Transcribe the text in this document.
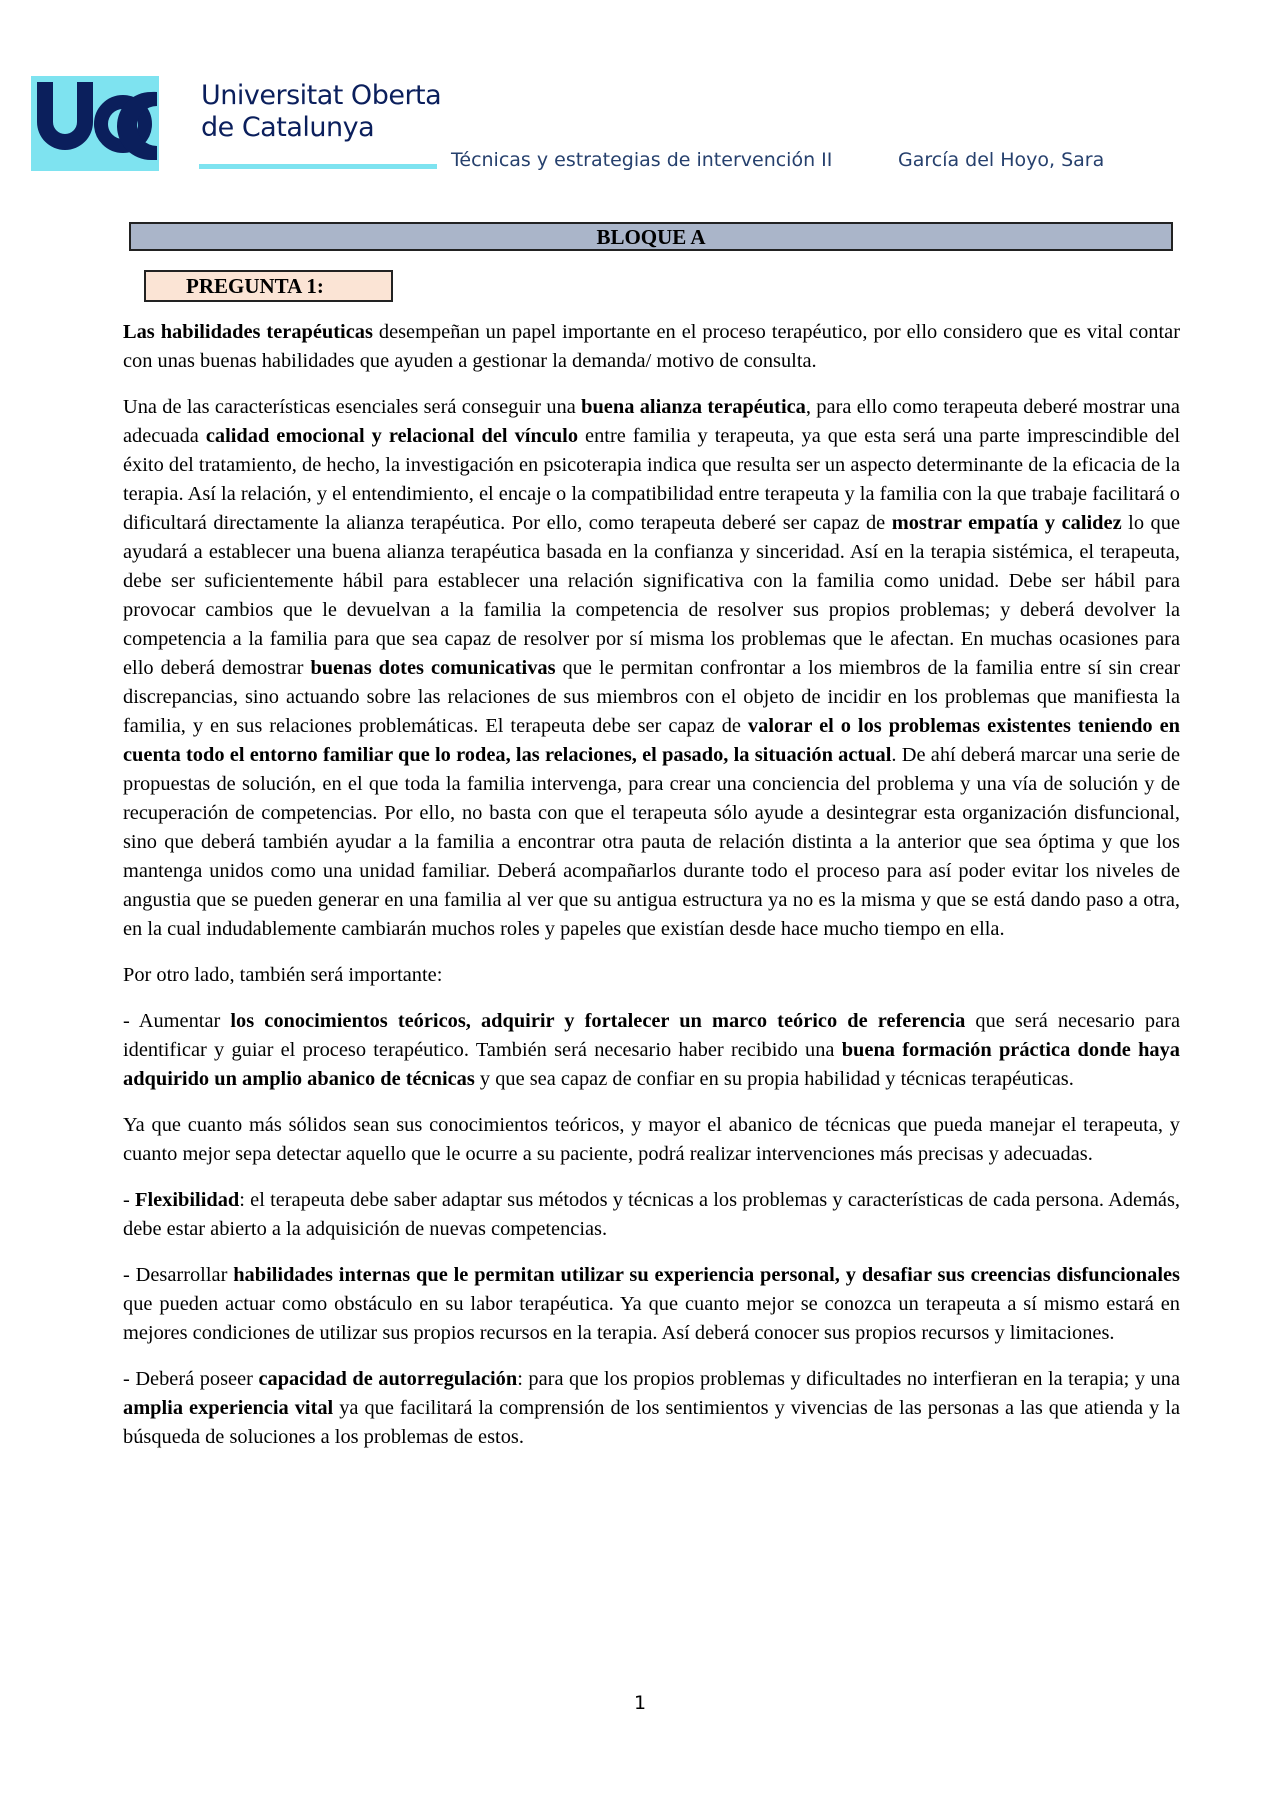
Universitat Oberta
de Catalunya
Técnicas y estrategias de intervención II	García del Hoyo, Sara
BLOQUE A
PREGUNTA 1:

Las habilidades terapéuticas desempeñan un papel importante en el proceso terapéutico, por ello considero que es vital contar con unas buenas habilidades que ayuden a gestionar la demanda/ motivo de consulta.

Una de las características esenciales será conseguir una buena alianza terapéutica, para ello como terapeuta deberé mostrar una adecuada calidad emocional y relacional del vínculo entre familia y terapeuta, ya que esta será una parte imprescindible del éxito del tratamiento, de hecho, la investigación en psicoterapia indica que resulta ser un aspecto determinante de la eficacia de la terapia. Así la relación, y el entendimiento, el encaje o la compatibilidad entre terapeuta y la familia con la que trabaje facilitará o dificultará directamente la alianza terapéutica. Por ello, como terapeuta deberé ser capaz de mostrar empatía y calidez lo que ayudará a establecer una buena alianza terapéutica basada en la confianza y sinceridad. Así en la terapia sistémica, el terapeuta, debe ser suficientemente hábil para establecer una relación significativa con la familia como unidad. Debe ser hábil para provocar cambios que le devuelvan a la familia la competencia de resolver sus propios problemas; y deberá devolver la competencia a la familia para que sea capaz de resolver por sí misma los problemas que le afectan. En muchas ocasiones para ello deberá demostrar buenas dotes comunicativas que le permitan confrontar a los miembros de la familia entre sí sin crear discrepancias, sino actuando sobre las relaciones de sus miembros con el objeto de incidir en los problemas que manifiesta la familia, y en sus relaciones problemáticas. El terapeuta debe ser capaz de valorar el o los problemas existentes teniendo en cuenta todo el entorno familiar que lo rodea, las relaciones, el pasado, la situación actual. De ahí deberá marcar una serie de propuestas de solución, en el que toda la familia intervenga, para crear una conciencia del problema y una vía de solución y de recuperación de competencias. Por ello, no basta con que el terapeuta sólo ayude a desintegrar esta organización disfuncional, sino que deberá también ayudar a la familia a encontrar otra pauta de relación distinta a la anterior que sea óptima y que los mantenga unidos como una unidad familiar. Deberá acompañarlos durante todo el proceso para así poder evitar los niveles de angustia que se pueden generar en una familia al ver que su antigua estructura ya no es la misma y que se está dando paso a otra, en la cual indudablemente cambiarán muchos roles y papeles que existían desde hace mucho tiempo en ella.

Por otro lado, también será importante:

- Aumentar los conocimientos teóricos, adquirir y fortalecer un marco teórico de referencia que será necesario para identificar y guiar el proceso terapéutico. También será necesario haber recibido una buena formación práctica donde haya adquirido un amplio abanico de técnicas y que sea capaz de confiar en su propia habilidad y técnicas terapéuticas.

Ya que cuanto más sólidos sean sus conocimientos teóricos, y mayor el abanico de técnicas que pueda manejar el terapeuta, y cuanto mejor sepa detectar aquello que le ocurre a su paciente, podrá realizar intervenciones más precisas y adecuadas.

- Flexibilidad: el terapeuta debe saber adaptar sus métodos y técnicas a los problemas y características de cada persona. Además, debe estar abierto a la adquisición de nuevas competencias.

- Desarrollar habilidades internas que le permitan utilizar su experiencia personal, y desafiar sus creencias disfuncionales que pueden actuar como obstáculo en su labor terapéutica. Ya que cuanto mejor se conozca un terapeuta a sí mismo estará en mejores condiciones de utilizar sus propios recursos en la terapia. Así deberá conocer sus propios recursos y limitaciones.

- Deberá poseer capacidad de autorregulación: para que los propios problemas y dificultades no interfieran en la terapia; y una amplia experiencia vital ya que facilitará la comprensión de los sentimientos y vivencias de las personas a las que atienda y la búsqueda de soluciones a los problemas de estos.

1
